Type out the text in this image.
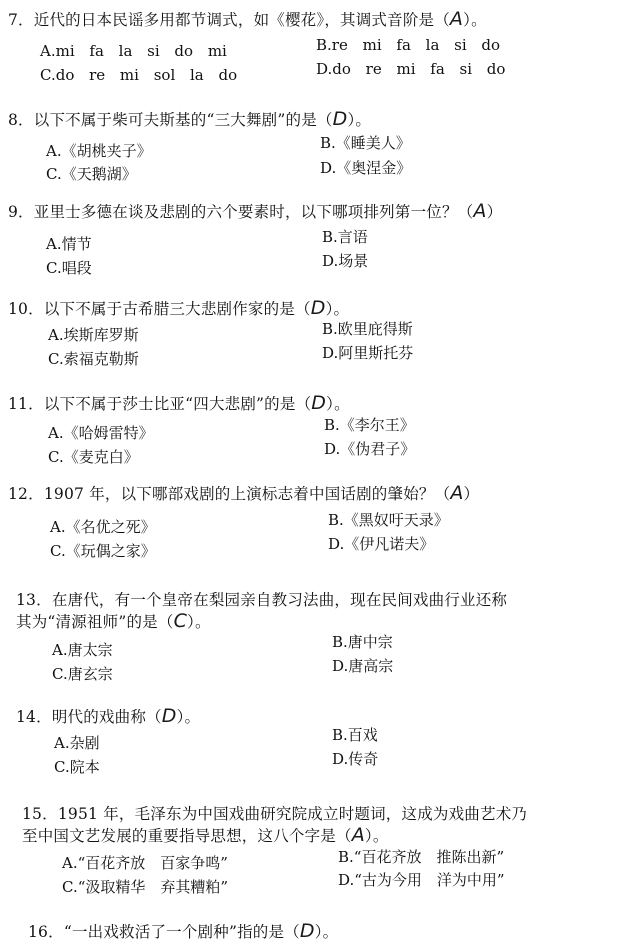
7．近代的日本民谣多用都节调式，如《樱花》，其调式音阶是（A）。
A.mi fa la si do mi	B.re mi fa la si do
C.do re mi sol la do	D.do re mi fa si do
8．以下不属于柴可夫斯基的“三大舞剧”的是（D）。
A.《胡桃夹子》	B.《睡美人》
C.《天鹅湖》	D.《奥涅金》
9．亚里士多德在谈及悲剧的六个要素时，以下哪项排列第一位？（A）
A.情节	B.言语
C.唱段	D.场景
10．以下不属于古希腊三大悲剧作家的是（D）。
A.埃斯库罗斯	B.欧里庇得斯
C.索福克勒斯	D.阿里斯托芬
11．以下不属于莎士比亚“四大悲剧”的是（D）。
A.《哈姆雷特》	B.《李尔王》
C.《麦克白》	D.《伪君子》
12．1907 年，以下哪部戏剧的上演标志着中国话剧的肇始？（A）
A.《名优之死》	B.《黑奴吁天录》
C.《玩偶之家》	D.《伊凡诺夫》
13．在唐代，有一个皇帝在梨园亲自教习法曲，现在民间戏曲行业还称
其为“清源祖师”的是（C）。
A.唐太宗	B.唐中宗
C.唐玄宗	D.唐高宗
14．明代的戏曲称（D）。
A.杂剧	B.百戏
C.院本	D.传奇
15．1951 年，毛泽东为中国戏曲研究院成立时题词，这成为戏曲艺术乃
至中国文艺发展的重要指导思想，这八个字是（A）。
A.“百花齐放　百家争鸣”	B.“百花齐放　推陈出新”
C.“汲取精华　弃其糟粕”	D.“古为今用　洋为中用”
16．“一出戏救活了一个剧种”指的是（D）。
